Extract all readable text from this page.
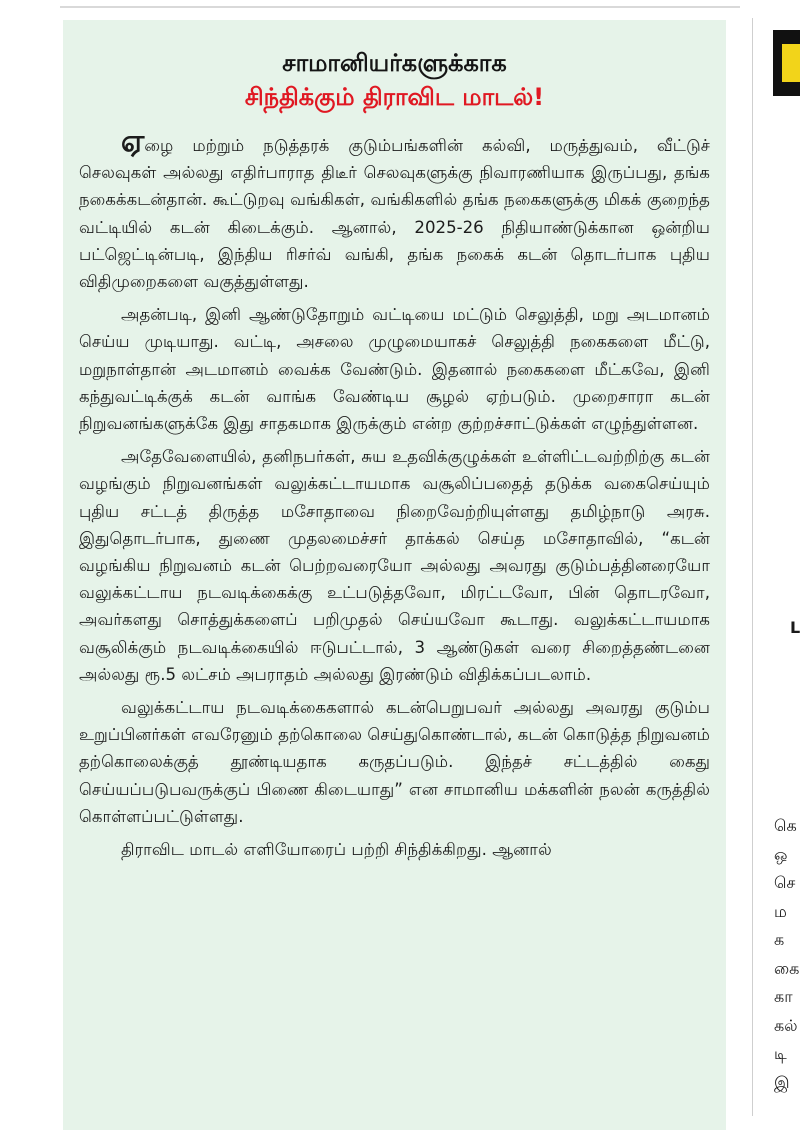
சாமானியர்களுக்காக
சிந்திக்கும் திராவிட மாடல்!

ஏழை மற்றும் நடுத்தரக் குடும்பங்களின் கல்வி, மருத்துவம், வீட்டுச் செலவுகள் அல்லது எதிர்பாராத திடீர் செலவுகளுக்கு நிவாரணியாக இருப்பது, தங்க நகைக்கடன்தான். கூட்டுறவு வங்கிகள், வங்கிகளில் தங்க நகைகளுக்கு மிகக் குறைந்த வட்டியில் கடன் கிடைக்கும். ஆனால், 2025-26 நிதியாண்டுக்கான ஒன்றிய பட்ஜெட்டின்படி, இந்திய ரிசர்வ் வங்கி, தங்க நகைக் கடன் தொடர்பாக புதிய விதிமுறைகளை வகுத்துள்ளது.

அதன்படி, இனி ஆண்டுதோறும் வட்டியை மட்டும் செலுத்தி, மறு அடமானம் செய்ய முடியாது. வட்டி, அசலை முழுமையாகச் செலுத்தி நகைகளை மீட்டு, மறுநாள்தான் அடமானம் வைக்க வேண்டும். இதனால் நகைகளை மீட்கவே, இனி கந்துவட்டிக்குக் கடன் வாங்க வேண்டிய சூழல் ஏற்படும். முறைசாரா கடன் நிறுவனங்களுக்கே இது சாதகமாக இருக்கும் என்ற குற்றச்சாட்டுக்கள் எழுந்துள்ளன.

அதேவேளையில், தனிநபர்கள், சுய உதவிக்குழுக்கள் உள்ளிட்டவற்றிற்கு கடன் வழங்கும் நிறுவனங்கள் வலுக்கட்டாயமாக வசூலிப்பதைத் தடுக்க வகைசெய்யும் புதிய சட்டத் திருத்த மசோதாவை நிறைவேற்றியுள்ளது தமிழ்நாடு அரசு. இதுதொடர்பாக, துணை முதலமைச்சர் தாக்கல் செய்த மசோதாவில், “கடன் வழங்கிய நிறுவனம் கடன் பெற்றவரையோ அல்லது அவரது குடும்பத்தினரையோ வலுக்கட்டாய நடவடிக்கைக்கு உட்படுத்தவோ, மிரட்டவோ, பின் தொடரவோ, அவர்களது சொத்துக்களைப் பறிமுதல் செய்யவோ கூடாது. வலுக்கட்டாயமாக வசூலிக்கும் நடவடிக்கையில் ஈடுபட்டால், 3 ஆண்டுகள் வரை சிறைத்தண்டனை அல்லது ரூ.5 லட்சம் அபராதம் அல்லது இரண்டும் விதிக்கப்படலாம்.

வலுக்கட்டாய நடவடிக்கைகளால் கடன்பெறுபவர் அல்லது அவரது குடும்ப உறுப்பினர்கள் எவரேனும் தற்கொலை செய்துகொண்டால், கடன் கொடுத்த நிறுவனம் தற்கொலைக்குத் தூண்டியதாக கருதப்படும். இந்தச் சட்டத்தில் கைது செய்யப்படுபவருக்குப் பிணை கிடையாது” என சாமானிய மக்களின் நலன் கருத்தில் கொள்ளப்பட்டுள்ளது.

திராவிட மாடல் எளியோரைப் பற்றி சிந்திக்கிறது. ஆனால்

L
கெ
ஒ
செ
ம
க
கை
கா
கல்
டி
இ
